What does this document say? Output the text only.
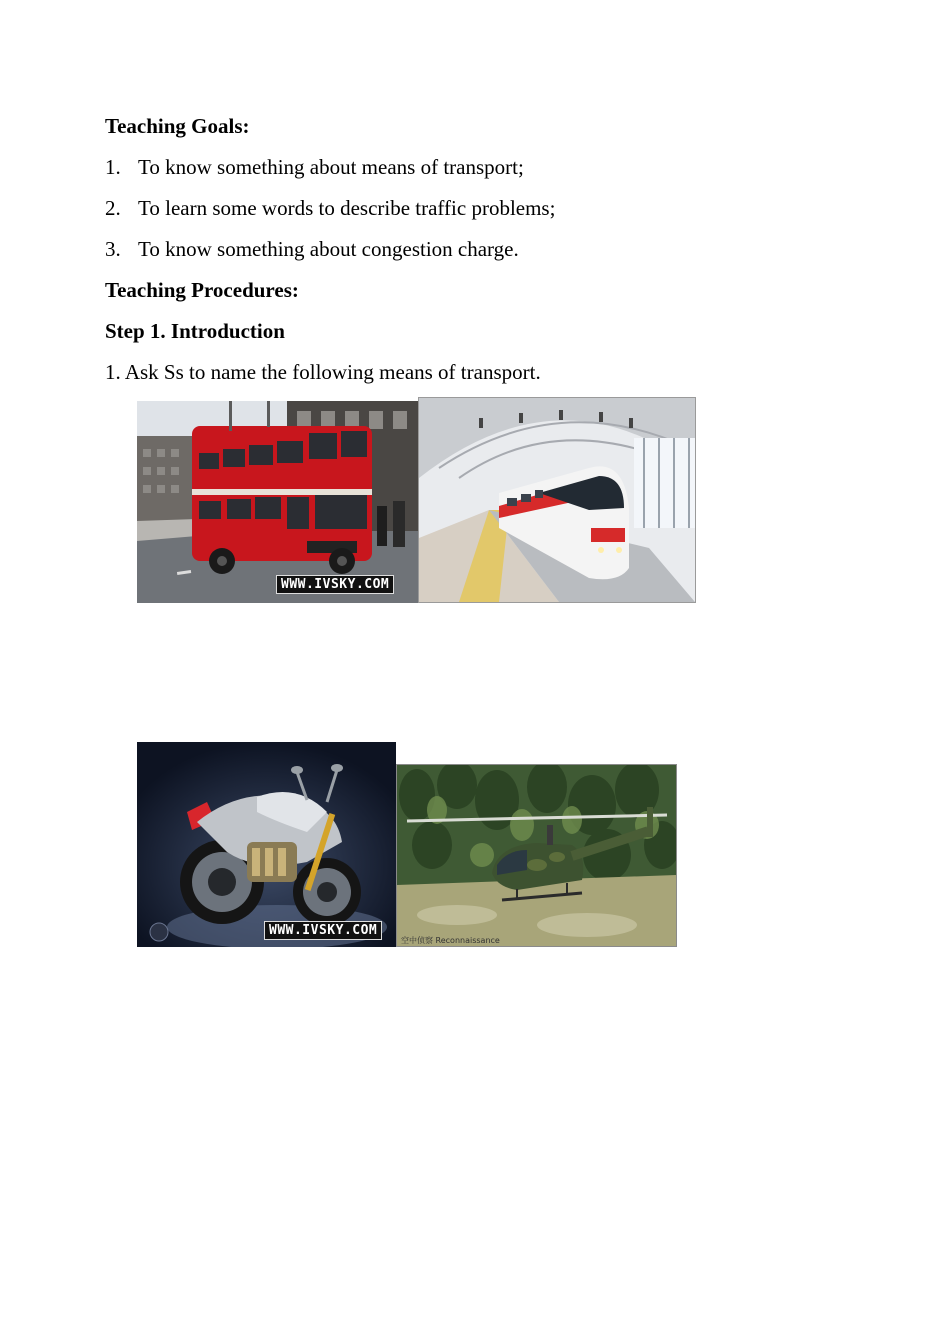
Teaching Goals:
1. To know something about means of transport;
2. To learn some words to describe traffic problems;
3. To know something about congestion charge.
Teaching Procedures:
Step 1. Introduction
1. Ask Ss to name the following means of transport.
WWW.IVSKY.COM
WWW.IVSKY.COM
空中侦察 Reconnaissance
